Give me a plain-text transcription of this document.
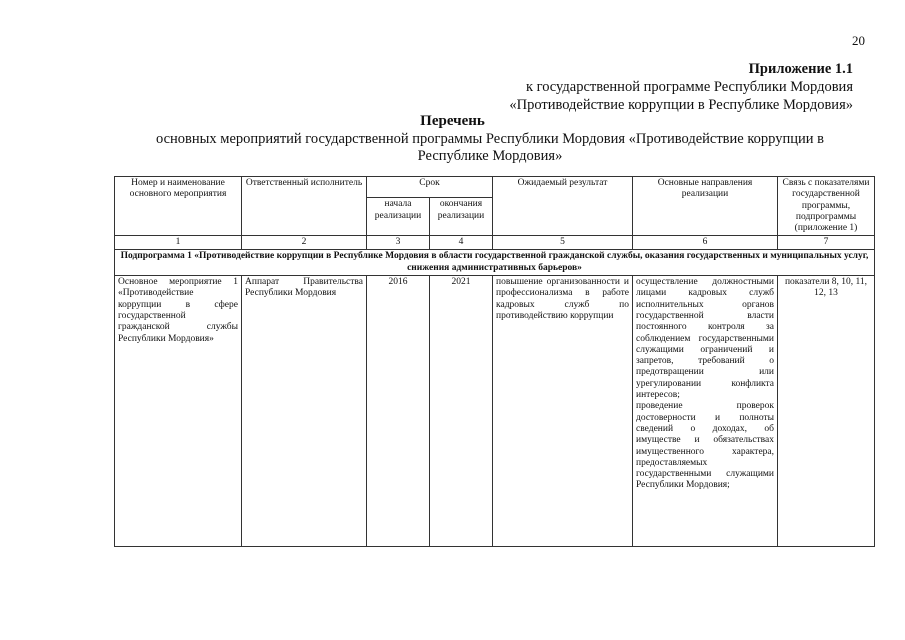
20
Приложение 1.1
к государственной программе Республики Мордовия
«Противодействие коррупции в Республике Мордовия»
Перечень
основных мероприятий государственной программы Республики Мордовия «Противодействие коррупции в Республике Мордовия»
Номер и наименование основного мероприятия	Ответственный исполнитель	Срок		Ожидаемый результат	Основные направления реализации	Связь с показателями государственной программы, подпрограммы (приложение 1)
		начала реализации	окончания реализации			
1	2	3	4	5	6	7
Подпрограмма 1 «Противодействие коррупции в Республике Мордовия в области государственной гражданской службы, оказания государственных и муниципальных услуг, снижения административных барьеров»						
Основное мероприятие 1 «Противодействие коррупции в сфере государственной гражданской службы Республики Мордовия»	Аппарат Правительства Республики Мордовия	2016	2021	повышение организованности и профессионализма в работе кадровых служб по противодействию коррупции	осуществление должностными лицами кадровых служб исполнительных органов государственной власти постоянного контроля за соблюдением государственными служащими ограничений и запретов, требований о предотвращении или урегулировании конфликта интересов;
проведение проверок достоверности и полноты сведений о доходах, об имуществе и обязательствах имущественного характера, предоставляемых государственными служащими Республики Мордовия;	показатели 8, 10, 11, 12, 13
